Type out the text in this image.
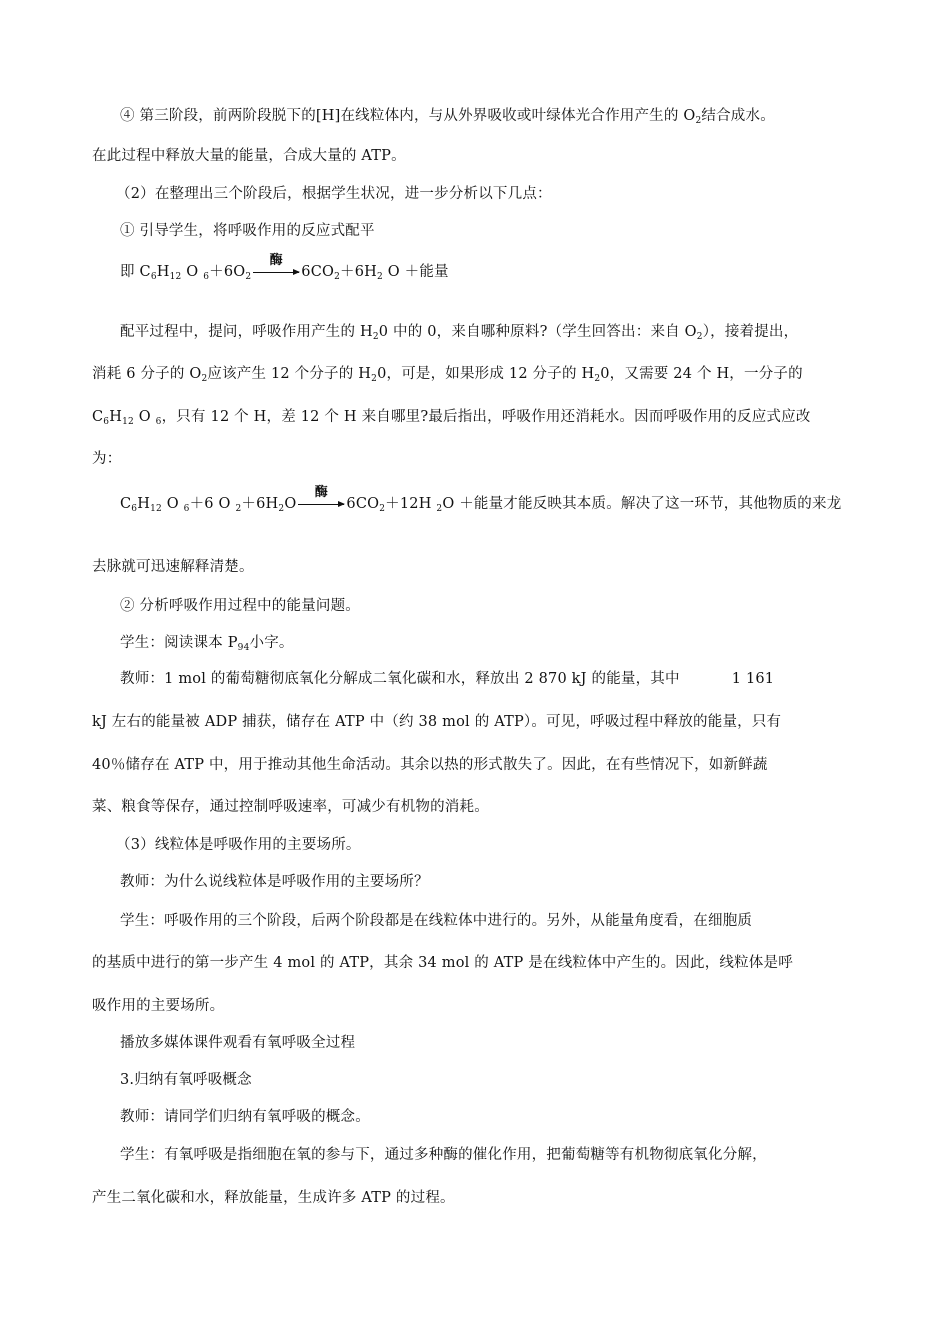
④ 第三阶段，前两阶段脱下的[H]在线粒体内，与从外界吸收或叶绿体光合作用产生的 $O_2$结合成水。
在此过程中释放大量的能量，合成大量的 ATP。
（2）在整理出三个阶段后，根据学生状况，进一步分析以下几点：
① 引导学生，将呼吸作用的反应式配平
即 $C_6H_{12}$ O $_6+6O_2$
酶
$6CO_2+6H_2$ O ＋能量
配平过程中，提问，呼吸作用产生的 $H_20$ 中的 0，来自哪种原料?（学生回答出：来自 $O_2$），接着提出，
消耗 6 分子的 $O_2$应该产生 12 个分子的 $H_20$，可是，如果形成 12 分子的 $H_20$，又需要 24 个 H，一分子的
$C_6H_{12}$ O $_6$，只有 12 个 H，差 12 个 H 来自哪里?最后指出，呼吸作用还消耗水。因而呼吸作用的反应式应改
为：
$C_6H_{12}$ O $_6$＋6 O $_2+6H_2O$
酶
$6CO_2+12H$ $_2$O ＋能量才能反映其本质。解决了这一环节，其他物质的来龙
去脉就可迅速解释清楚。
② 分析呼吸作用过程中的能量问题。
学生：阅读课本 $P_{94}$小字。
教师：1 mol 的葡萄糖彻底氧化分解成二氧化碳和水，释放出 2 870 kJ 的能量，其中	1 161
kJ 左右的能量被 ADP 捕获，储存在 ATP 中（约 38 mol 的 ATP）。可见，呼吸过程中释放的能量，只有
40％储存在 ATP 中，用于推动其他生命活动。其余以热的形式散失了。因此，在有些情况下，如新鲜蔬
菜、粮食等保存，通过控制呼吸速率，可减少有机物的消耗。
（3）线粒体是呼吸作用的主要场所。
教师：为什么说线粒体是呼吸作用的主要场所？
学生：呼吸作用的三个阶段，后两个阶段都是在线粒体中进行的。另外，从能量角度看，在细胞质
的基质中进行的第一步产生 4 mol 的 ATP，其余 34 mol 的 ATP 是在线粒体中产生的。因此，线粒体是呼
吸作用的主要场所。
播放多媒体课件观看有氧呼吸全过程
3.归纳有氧呼吸概念
教师：请同学们归纳有氧呼吸的概念。
学生：有氧呼吸是指细胞在氧的参与下，通过多种酶的催化作用，把葡萄糖等有机物彻底氧化分解，
产生二氧化碳和水，释放能量，生成许多 ATP 的过程。
